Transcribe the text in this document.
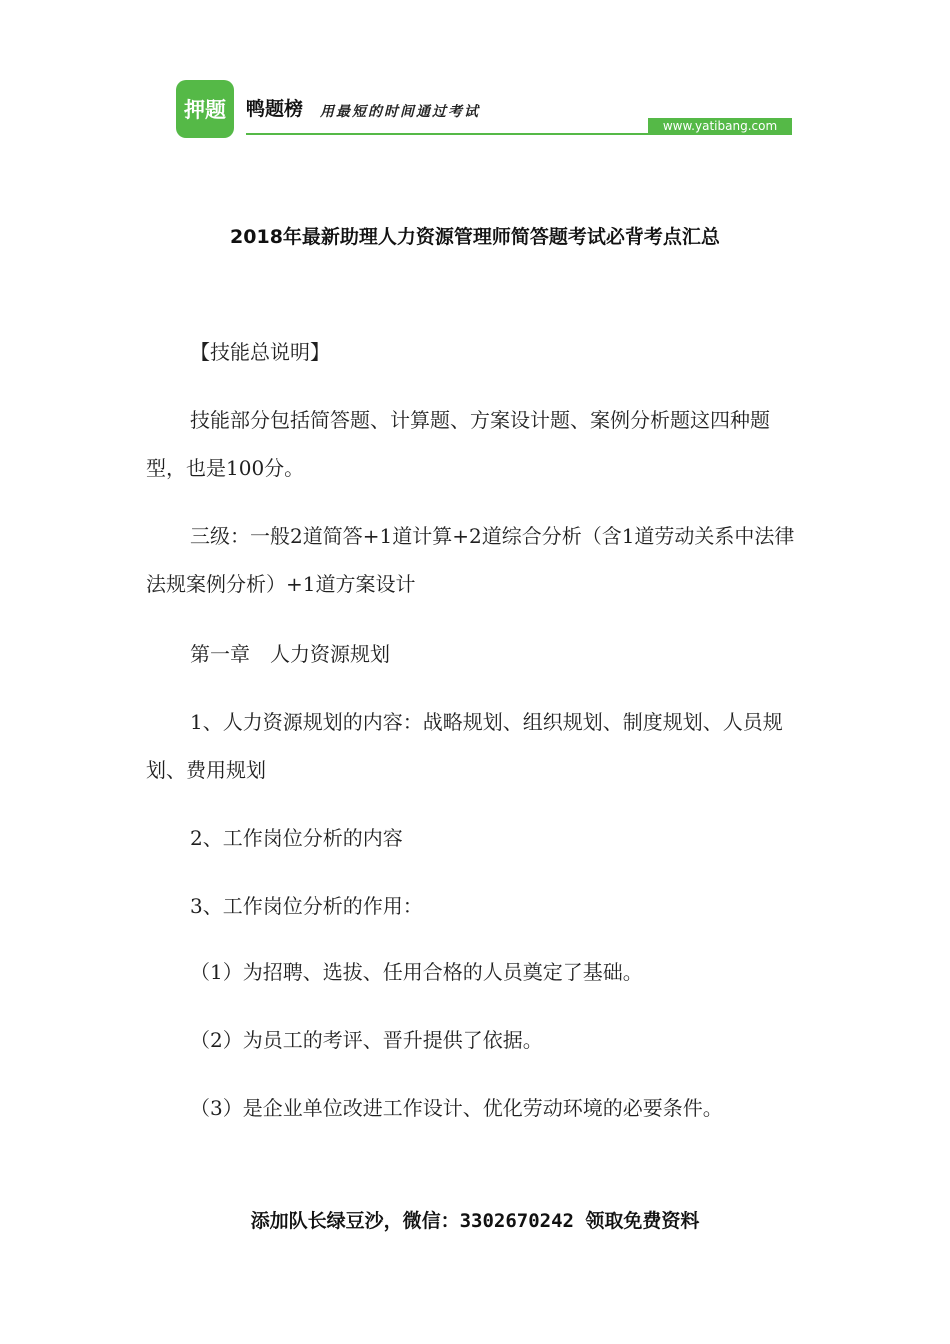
押题 鸭题榜 用最短的时间通过考试
www.yatibang.com
2018年最新助理人力资源管理师简答题考试必背考点汇总

【技能总说明】

技能部分包括简答题、计算题、方案设计题、案例分析题这四种题型，也是100分。

三级：一般2道简答+1道计算+2道综合分析（含1道劳动关系中法律法规案例分析）+1道方案设计

第一章　人力资源规划

1、人力资源规划的内容：战略规划、组织规划、制度规划、人员规划、费用规划

2、工作岗位分析的内容

3、工作岗位分析的作用：

（1）为招聘、选拔、任用合格的人员奠定了基础。

（2）为员工的考评、晋升提供了依据。

（3）是企业单位改进工作设计、优化劳动环境的必要条件。

添加队长绿豆沙，微信：3302670242 领取免费资料
